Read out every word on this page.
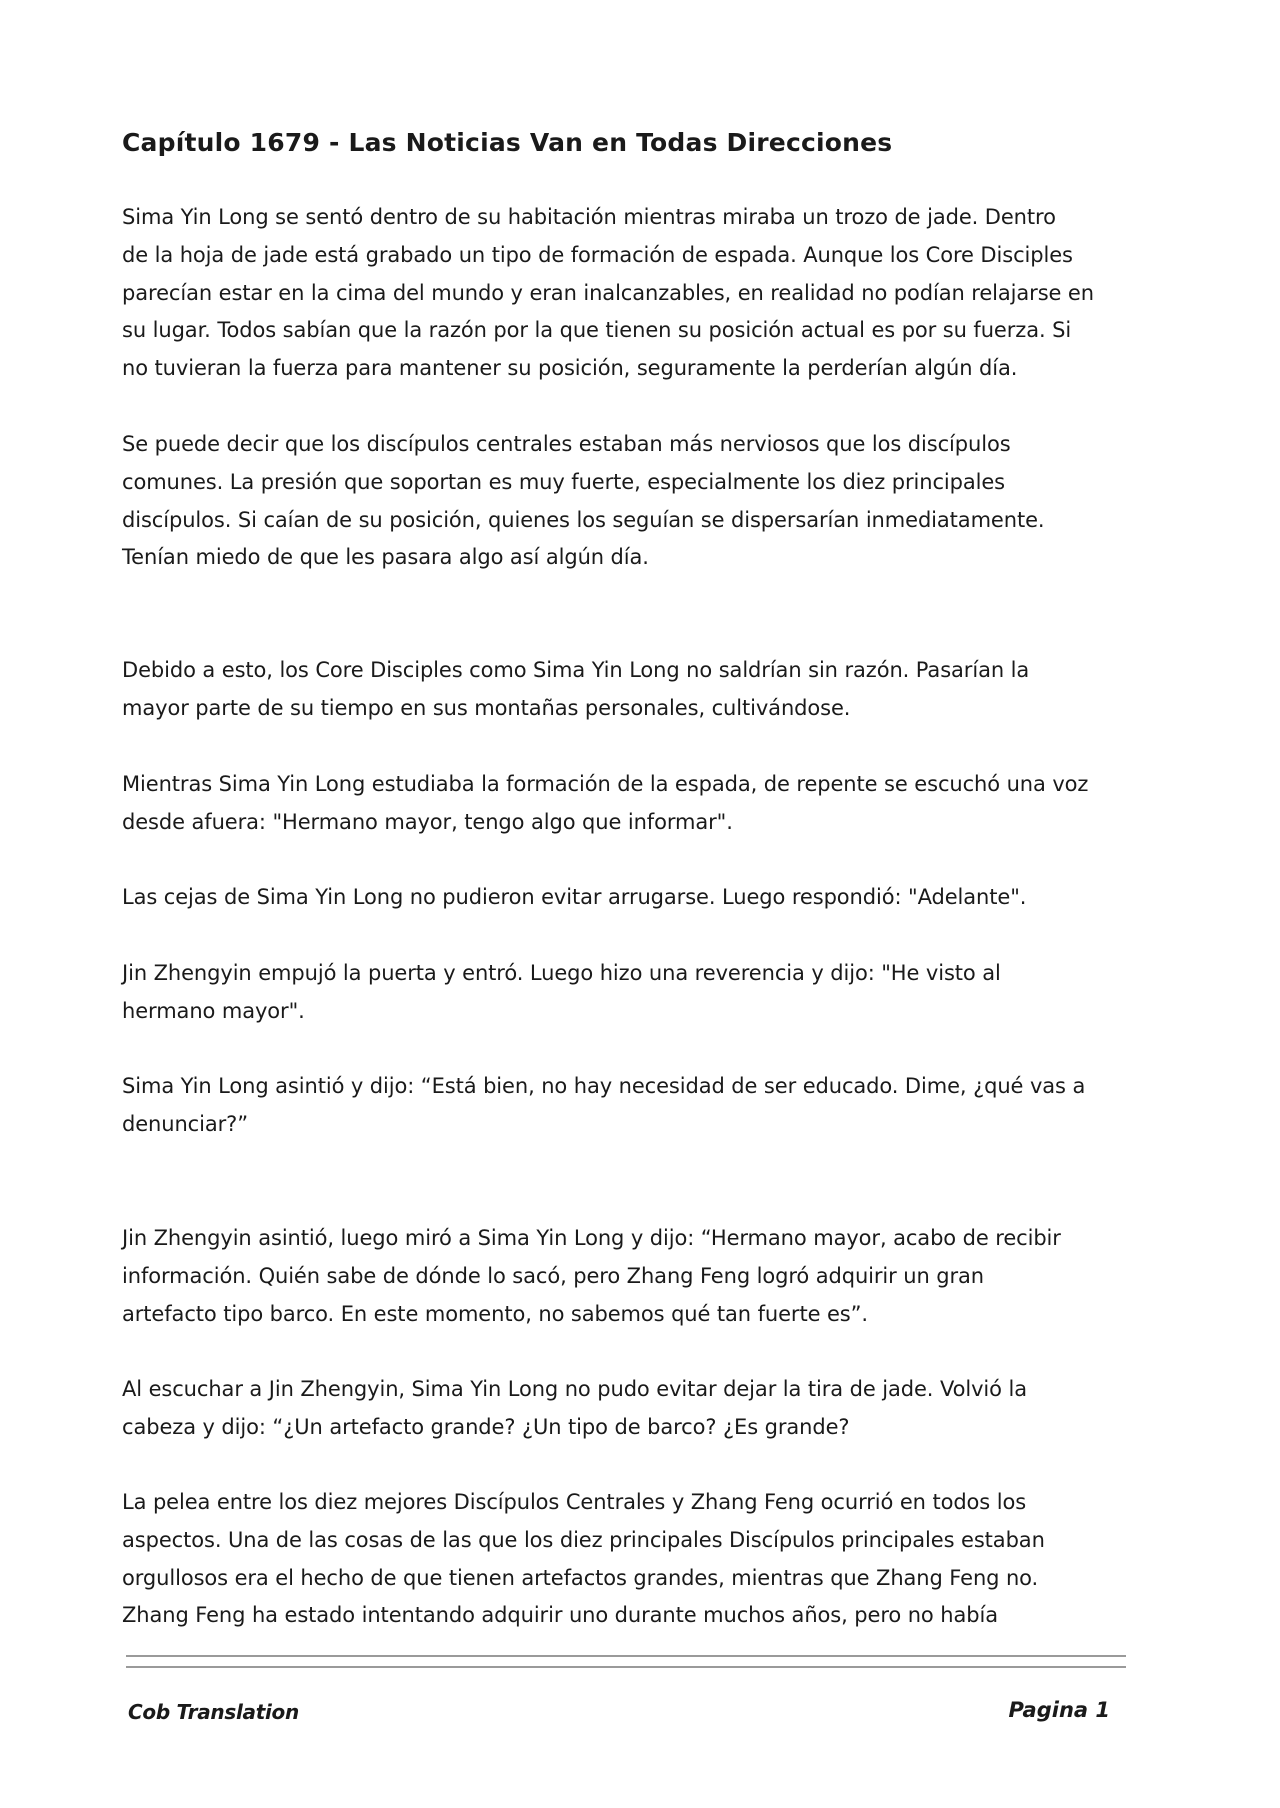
Capítulo 1679 - Las Noticias Van en Todas Direcciones

Sima Yin Long se sentó dentro de su habitación mientras miraba un trozo de jade. Dentro
de la hoja de jade está grabado un tipo de formación de espada. Aunque los Core Disciples
parecían estar en la cima del mundo y eran inalcanzables, en realidad no podían relajarse en
su lugar. Todos sabían que la razón por la que tienen su posición actual es por su fuerza. Si
no tuvieran la fuerza para mantener su posición, seguramente la perderían algún día.

Se puede decir que los discípulos centrales estaban más nerviosos que los discípulos
comunes. La presión que soportan es muy fuerte, especialmente los diez principales
discípulos. Si caían de su posición, quienes los seguían se dispersarían inmediatamente.
Tenían miedo de que les pasara algo así algún día.

Debido a esto, los Core Disciples como Sima Yin Long no saldrían sin razón. Pasarían la
mayor parte de su tiempo en sus montañas personales, cultivándose.

Mientras Sima Yin Long estudiaba la formación de la espada, de repente se escuchó una voz
desde afuera: "Hermano mayor, tengo algo que informar".

Las cejas de Sima Yin Long no pudieron evitar arrugarse. Luego respondió: "Adelante".

Jin Zhengyin empujó la puerta y entró. Luego hizo una reverencia y dijo: "He visto al
hermano mayor".

Sima Yin Long asintió y dijo: “Está bien, no hay necesidad de ser educado. Dime, ¿qué vas a
denunciar?”

Jin Zhengyin asintió, luego miró a Sima Yin Long y dijo: “Hermano mayor, acabo de recibir
información. Quién sabe de dónde lo sacó, pero Zhang Feng logró adquirir un gran
artefacto tipo barco. En este momento, no sabemos qué tan fuerte es”.

Al escuchar a Jin Zhengyin, Sima Yin Long no pudo evitar dejar la tira de jade. Volvió la
cabeza y dijo: “¿Un artefacto grande? ¿Un tipo de barco? ¿Es grande?

La pelea entre los diez mejores Discípulos Centrales y Zhang Feng ocurrió en todos los
aspectos. Una de las cosas de las que los diez principales Discípulos principales estaban
orgullosos era el hecho de que tienen artefactos grandes, mientras que Zhang Feng no.
Zhang Feng ha estado intentando adquirir uno durante muchos años, pero no había

Cob Translation	Pagina 1
